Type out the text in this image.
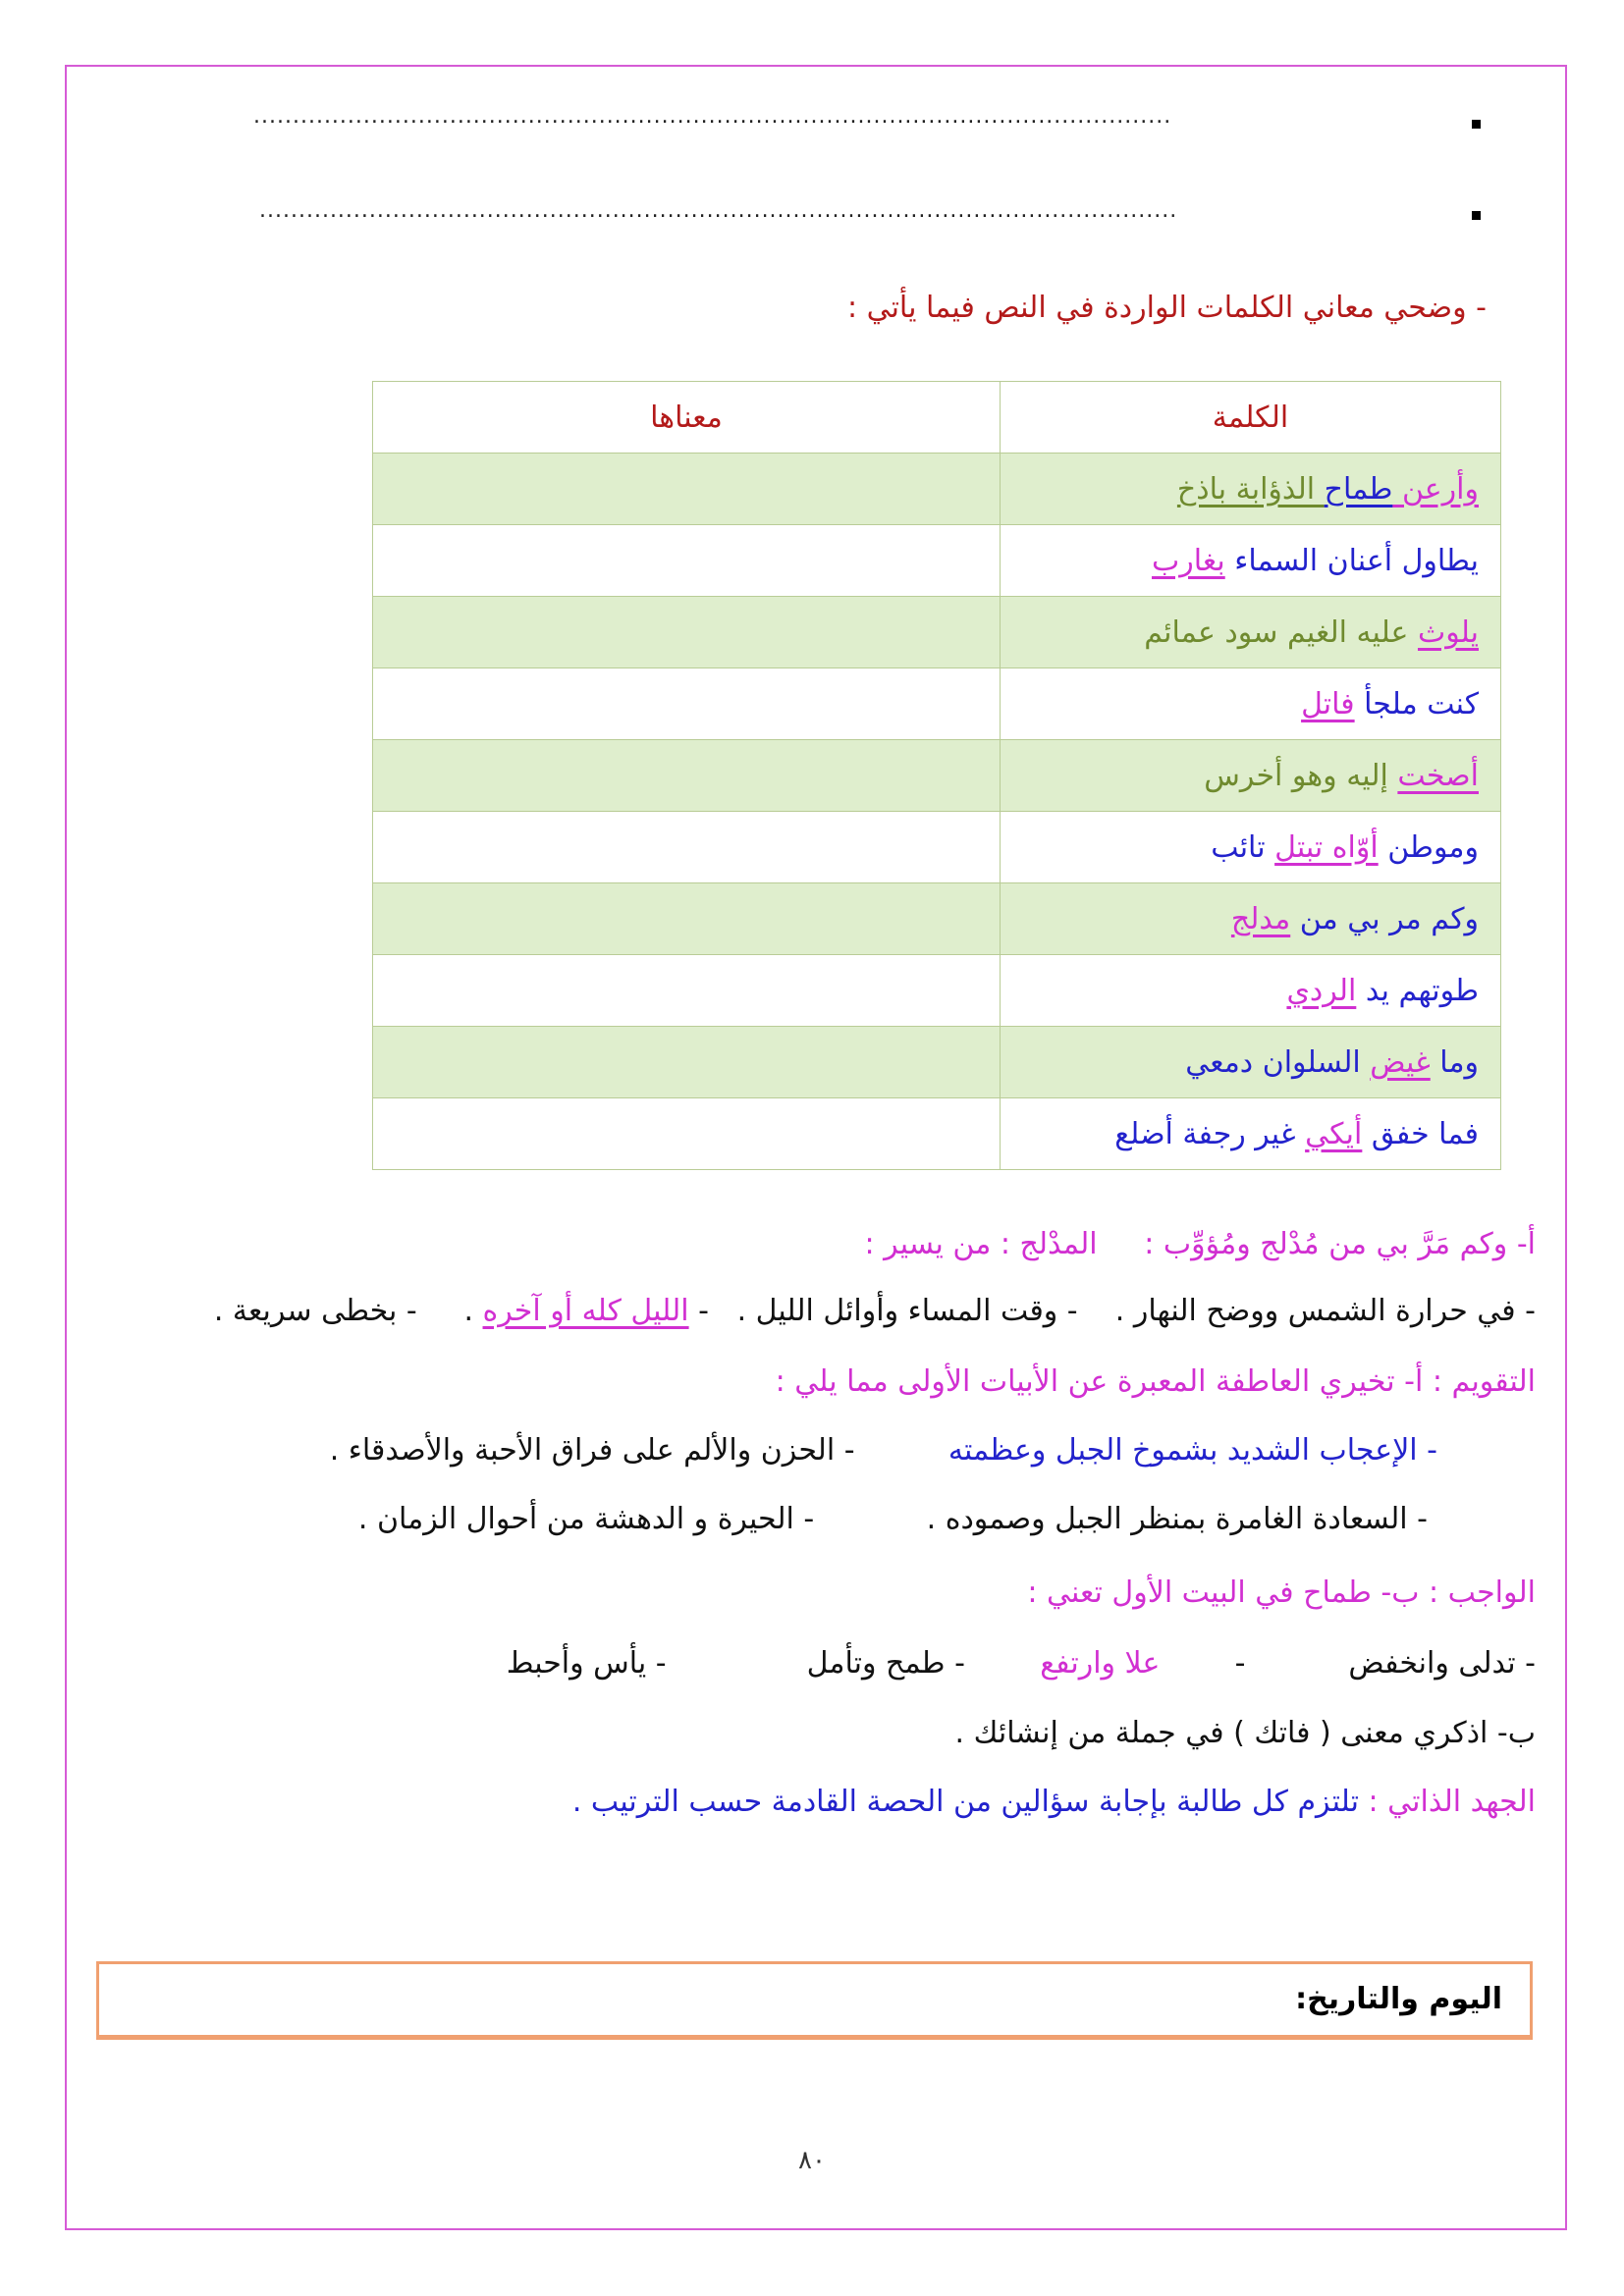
.....................................................................................................................
.....................................................................................................................
- وضحي معاني الكلمات الواردة في النص فيما يأتي :
الكلمة	معناها
وأرعن طماح الذؤابة باذخ	
يطاول أعنان السماء بغارب	
يلوث عليه الغيم سود عمائم	
كنت ملجأ فاتل	
أصخت إليه وهو أخرس	
وموطن أوّاه تبتل تائب	
وكم مر بي من مدلج	
طوتهم يد الردي	
وما غيض السلوان دمعي	
فما خفق أيكي غير رجفة أضلع	
أ- وكم مَرَّ بي من مُدْلج ومُؤوِّب :     المدْلج : من يسير :
- في حرارة الشمس ووضح النهار .    - وقت المساء وأوائل الليل .   - الليل كله أو آخره .     - بخطى سريعة .
التقويم : أ- تخيري العاطفة المعبرة عن الأبيات الأولى مما يلي :
- الإعجاب الشديد بشموخ الجبل وعظمته          - الحزن والألم على فراق الأحبة والأصدقاء .
- السعادة الغامرة بمنظر الجبل وصموده .            - الحيرة و الدهشة من أحوال الزمان .
الواجب : ب- طماح في البيت الأول تعني :
- تدلى وانخفض           -        علا وارتفع        - طمح وتأمل               - يأس وأحبط
ب- اذكري معنى ( فاتك ) في جملة من إنشائك .
الجهد الذاتي : تلتزم كل طالبة بإجابة سؤالين من الحصة القادمة حسب الترتيب .
اليوم والتاريخ:
٨٠
